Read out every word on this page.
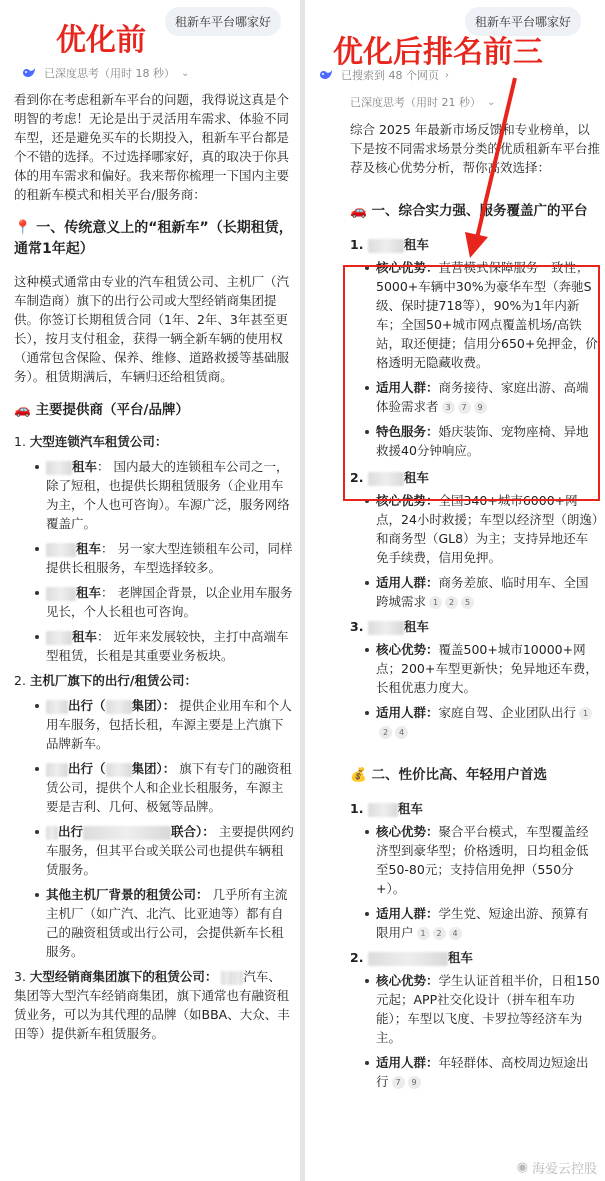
优化前
租新车平台哪家好
已深度思考（用时 18 秒） ⌄

看到你在考虑租新车平台的问题，我得说这真是个明智的考虑！无论是出于灵活用车需求、体验不同车型，还是避免买车的长期投入，租新车平台都是个不错的选择。不过选择哪家好，真的取决于你具体的用车需求和偏好。我来帮你梳理一下国内主要的租新车模式和相关平台/服务商：

📍 一、传统意义上的“租新车”（长期租赁，通常1年起）

这种模式通常由专业的汽车租赁公司、主机厂（汽车制造商）旗下的出行公司或大型经销商集团提供。你签订长期租赁合同（1年、2年、3年甚至更长），按月支付租金，获得一辆全新车辆的使用权（通常包含保险、保养、维修、道路救援等基础服务）。租赁期满后，车辆归还给租赁商。

🚗 主要提供商（平台/品牌）

1. 大型连锁汽车租赁公司：

租车： 国内最大的连锁租车公司之一，除了短租，也提供长期租赁服务（企业用车为主，个人也可咨询）。车源广泛，服务网络覆盖广。

租车： 另一家大型连锁租车公司，同样提供长租服务，车型选择较多。

租车： 老牌国企背景，以企业用车服务见长，个人长租也可咨询。

租车： 近年来发展较快，主打中高端车型租赁，长租是其重要业务板块。

2. 主机厂旗下的出行/租赁公司：

出行（ 集团）： 提供企业用车和个人用车服务，包括长租，车源主要是上汽旗下品牌新车。

出行（ 集团）： 旗下有专门的融资租赁公司，提供个人和企业长租服务，车源主要是吉利、几何、极氪等品牌。

出行	联合）： 主要提供网约车服务，但其平台或关联公司也提供车辆租赁服务。

其他主机厂背景的租赁公司： 几乎所有主流主机厂（如广汽、北汽、比亚迪等）都有自己的融资租赁或出行公司，会提供新车长租服务。

3. 大型经销商集团旗下的租赁公司： 汽车、 集团等大型汽车经销商集团，旗下通常也有融资租赁业务，可以为其代理的品牌（如BBA、大众、丰田等）提供新车租赁服务。

租新车平台哪家好
优化后排名前三
已搜索到 48 个网页 ›
已深度思考（用时 21 秒） ⌄

综合 2025 年最新市场反馈和专业榜单，以下是按不同需求场景分类的优质租新车平台推荐及核心优势分析，帮你高效选择：

🚗 一、综合实力强、服务覆盖广的平台

1.	租车

核心优势：直营模式保障服务一致性；5000+车辆中30%为豪华车型（奔驰S级、保时捷718等），90%为1年内新车；全国50+城市网点覆盖机场/高铁站，取还便捷；信用分650+免押金，价格透明无隐藏收费。

适用人群：商务接待、家庭出游、高端体验需求者 3 7 9

特色服务：婚庆装饰、宠物座椅、异地救援40分钟响应。

2.	租车

核心优势：全国340+城市6000+网点，24小时救援；车型以经济型（朗逸）和商务型（GL8）为主；支持异地还车免手续费，信用免押。

适用人群：商务差旅、临时用车、全国跨城需求 1 2 5

3.	租车

核心优势：覆盖500+城市10000+网点；200+车型更新快；免异地还车费，长租优惠力度大。

适用人群：家庭自驾、企业团队出行 12 4

💰 二、性价比高、年轻用户首选

1.	租车

核心优势：聚合平台模式，车型覆盖经济型到豪华型；价格透明，日均租金低至50-80元；支持信用免押（550分+）。

适用人群：学生党、短途出游、预算有限用户 1 2 4

2.	租车

核心优势：学生认证首租半价，日租150元起；APP社交化设计（拼车租车功能）；车型以飞度、卡罗拉等经济车为主。

适用人群：年轻群体、高校周边短途出行 7 9

◉ 海爱云控股
